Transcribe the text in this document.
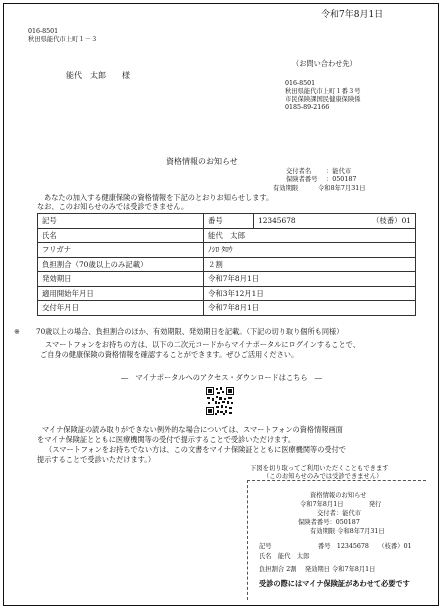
令和7年8月1日
016-8501
秋田県能代市上町１－３
能代　太郎　　様
（お問い合わせ先）
016-8501
秋田県能代市上町１番３号
市民保険課国民健康保険係
0185-89-2166
資格情報のお知らせ
交付者名 ：能代市
保険者番号 ：050187
有効期限	令和8年7月31日
あなたの加入する健康保険の資格情報を下記のとおりお知らせします。
なお、このお知らせのみでは受診できません。
記号	番号	12345678	（枝番）01
氏名	能代　太郎		
フリガナ	ﾉｼﾛ ﾀﾛｳ		
負担割合（70歳以上のみ記載）	２割		
発効期日	令和7年8月1日		
適用開始年月日	令和3年12月1日		
交付年月日	令和7年8月1日		
※ 70歳以上の場合、負担割合のほか、有効期限、発効期日を記載。（下記の切り取り個所も同様）
スマートフォンをお持ちの方は、以下の二次元コードからマイナポータルにログインすることで、
ご自身の健康保険の資格情報を確認することができます。ぜひご活用ください。
―　マイナポータルへのアクセス・ダウンロードはこちら　―
マイナ保険証の読み取りができない例外的な場合については、スマートフォンの資格情報画面
をマイナ保険証とともに医療機関等の受付で提示することで受診いただけます。
（スマートフォンをお持ちでない方は、この文書をマイナ保険証とともに医療機関等の受付で
提示することで受診いただけます。）
下図を切り取ってご利用いただくこともできます
（このお知らせのみでは受診できません）
資格情報のお知らせ
令和7年8月1日　　　　発行
交付者：能代市
保険者番号：050187
有効期限 令和8年7月31日
記号	番号　12345678　　（枝番）01
氏名　能代　太郎
負担割合 2割　 発効期日 令和7年8月1日
受診の際にはマイナ保険証があわせて必要です
